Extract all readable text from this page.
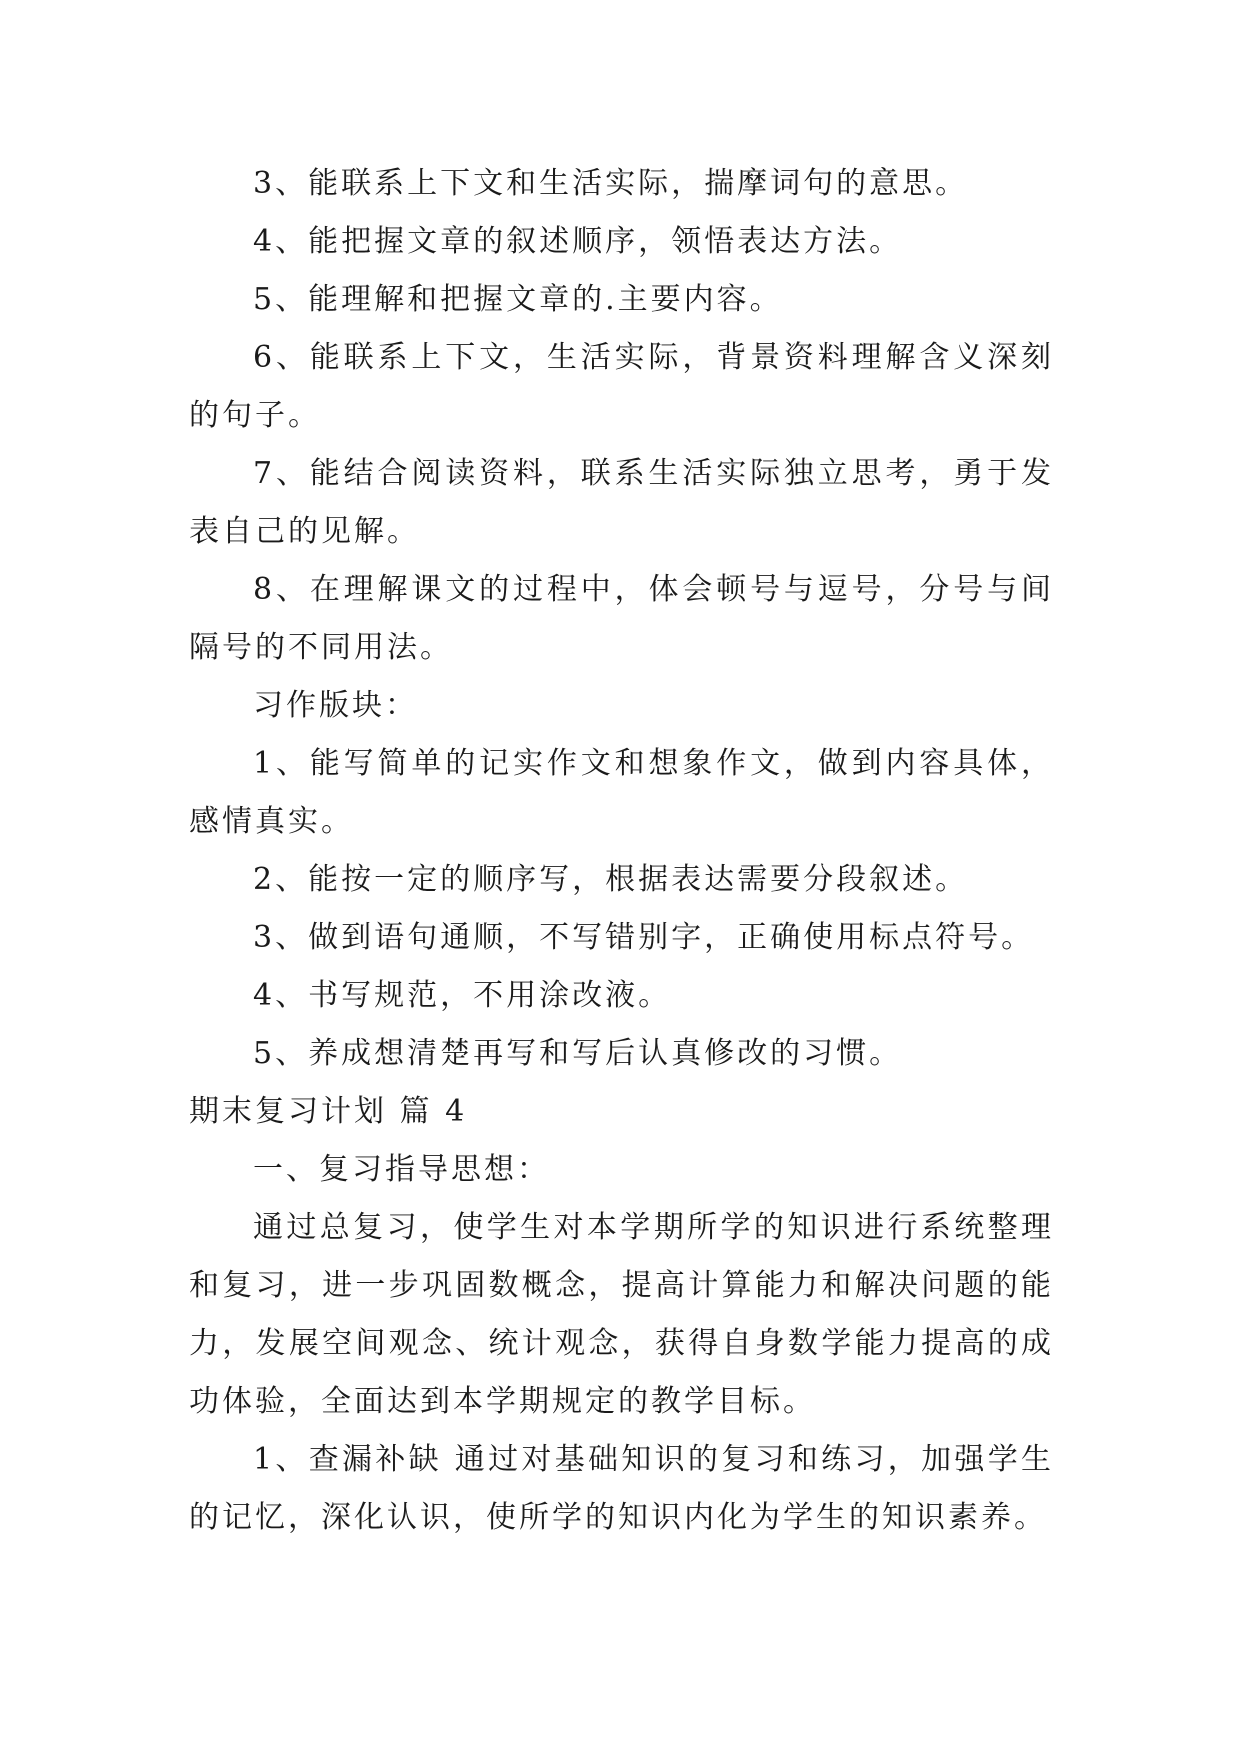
3、能联系上下文和生活实际，揣摩词句的意思。

4、能把握文章的叙述顺序，领悟表达方法。

5、能理解和把握文章的.主要内容。

6、能联系上下文，生活实际，背景资料理解含义深刻的句子。

7、能结合阅读资料，联系生活实际独立思考，勇于发表自己的见解。

8、在理解课文的过程中，体会顿号与逗号，分号与间隔号的不同用法。

习作版块：

1、能写简单的记实作文和想象作文，做到内容具体，感情真实。

2、能按一定的顺序写，根据表达需要分段叙述。

3、做到语句通顺，不写错别字，正确使用标点符号。

4、书写规范，不用涂改液。

5、养成想清楚再写和写后认真修改的习惯。

期末复习计划 篇 4

一、复习指导思想：

通过总复习，使学生对本学期所学的知识进行系统整理和复习，进一步巩固数概念，提高计算能力和解决问题的能力，发展空间观念、统计观念，获得自身数学能力提高的成功体验，全面达到本学期规定的教学目标。

1、查漏补缺 通过对基础知识的复习和练习，加强学生的记忆，深化认识，使所学的知识内化为学生的知识素养。
